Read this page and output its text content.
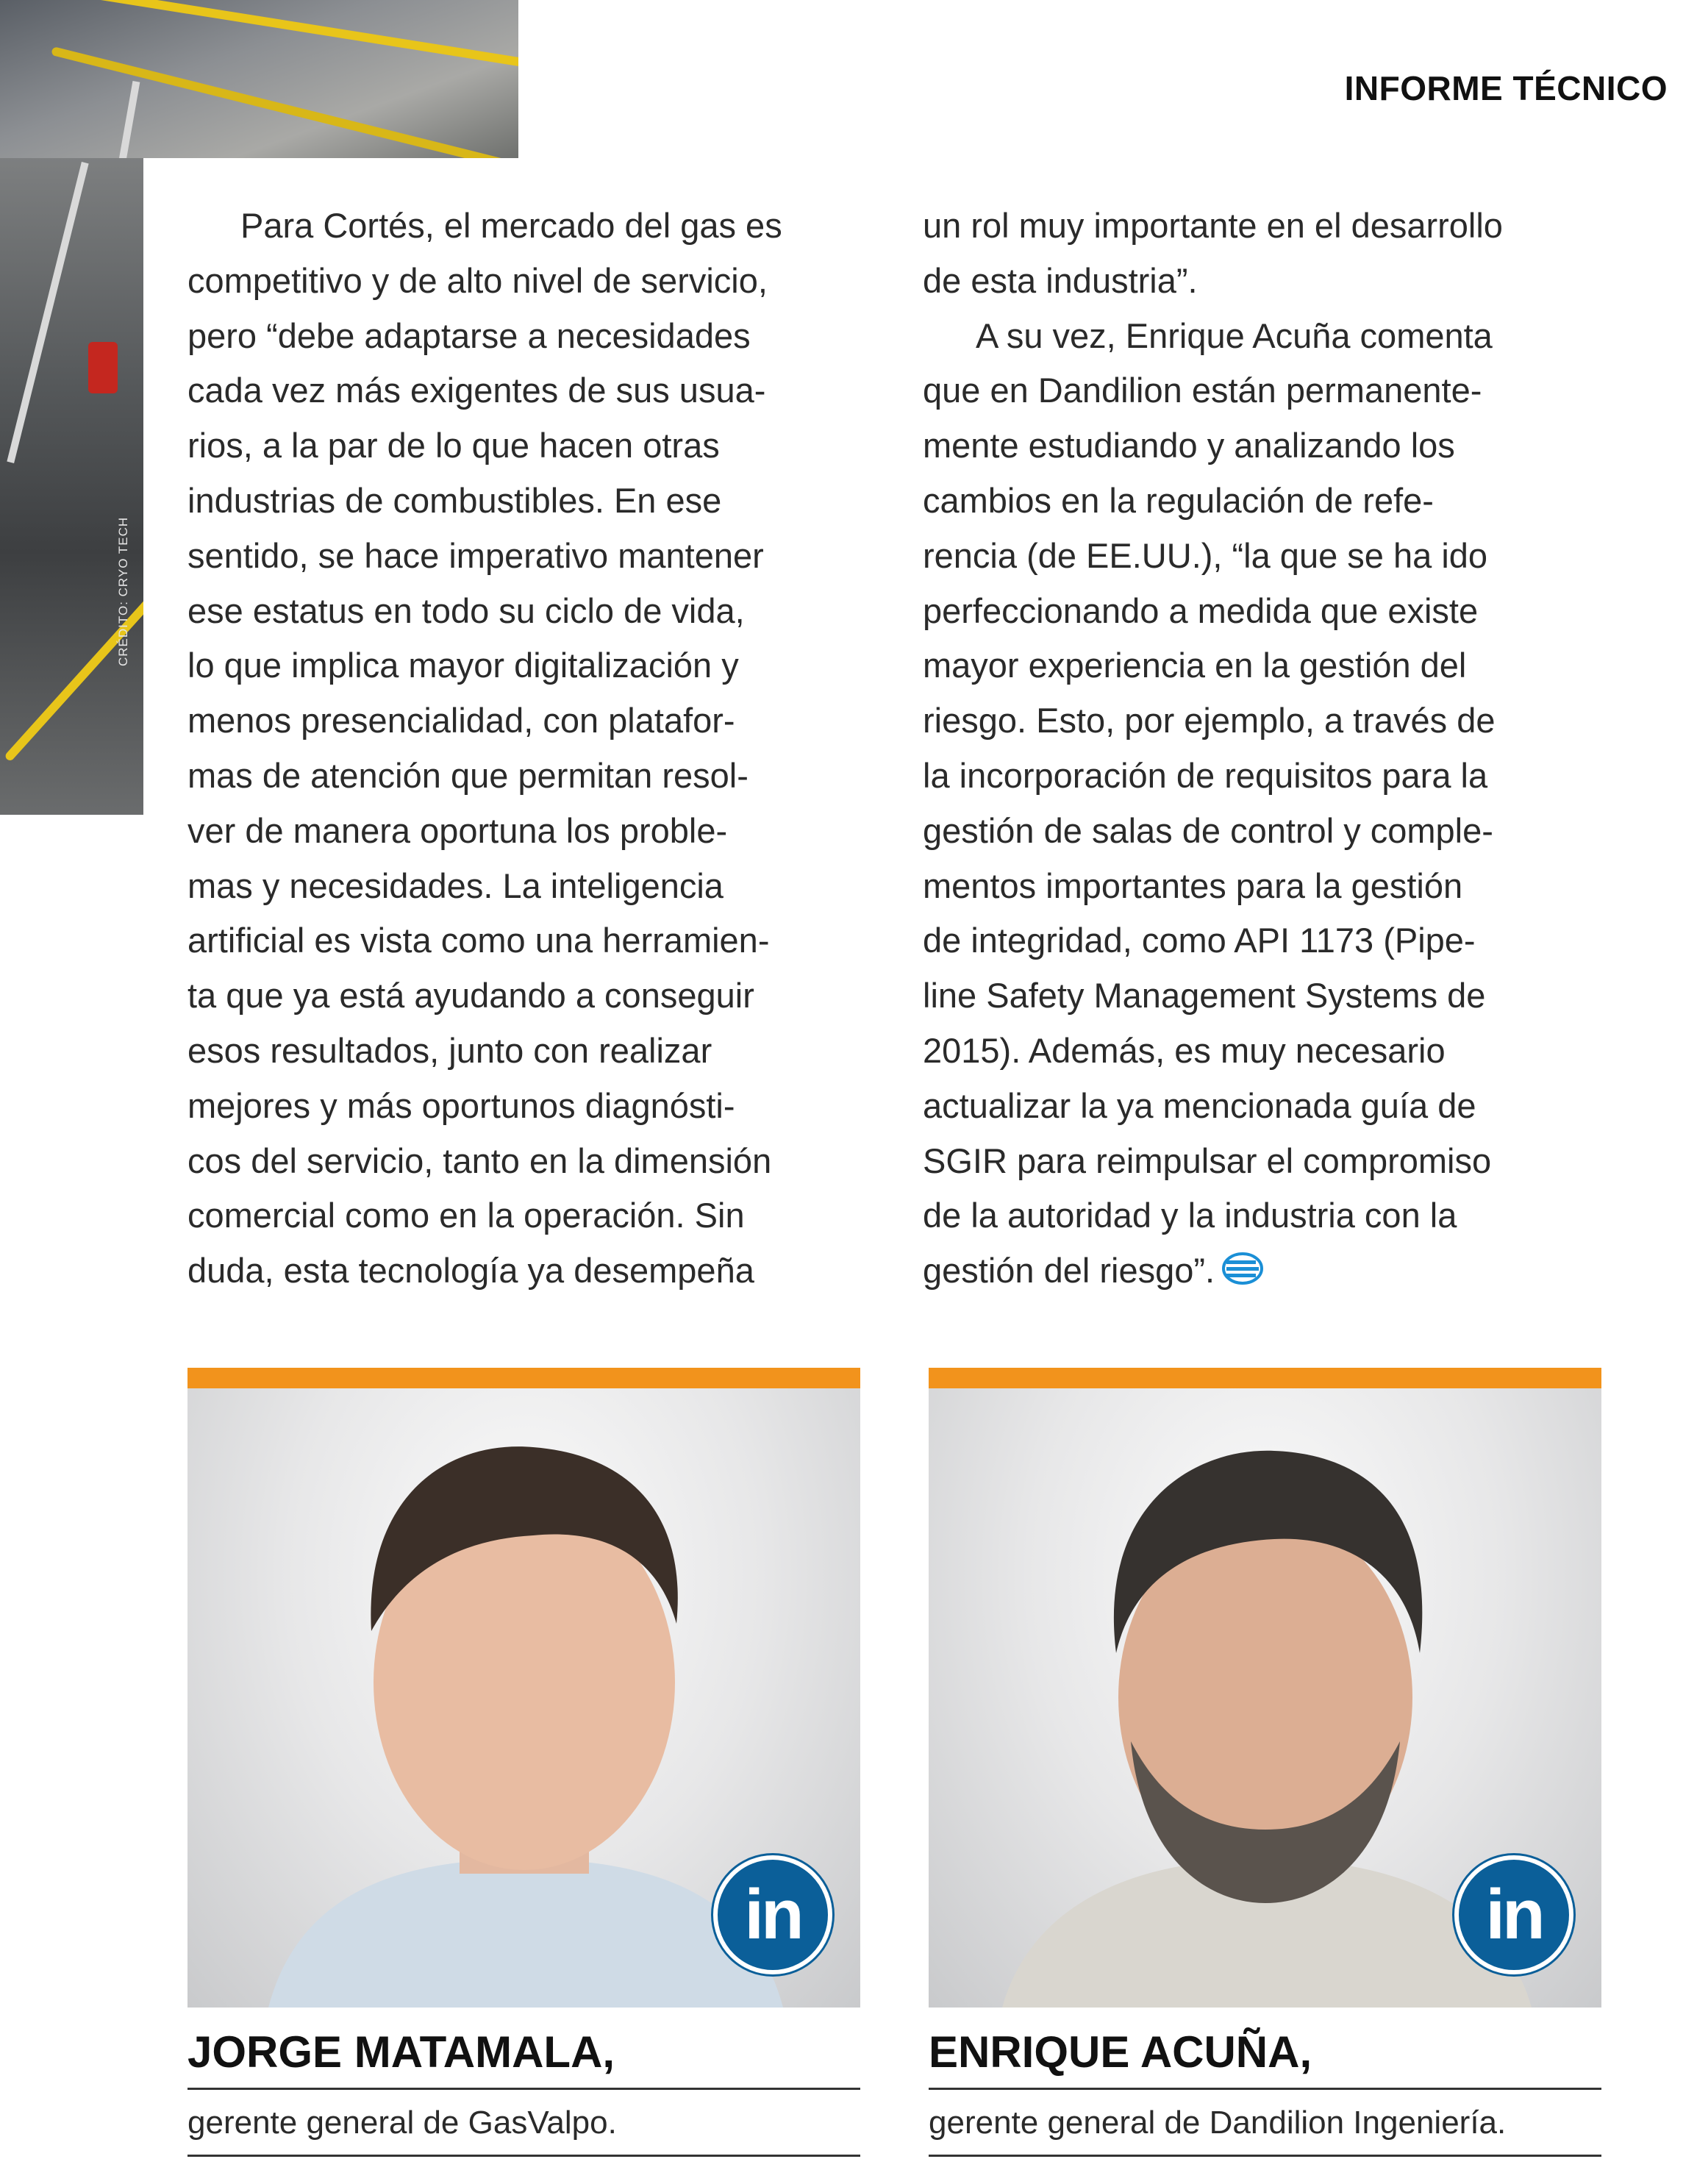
CRÉDITO: CRYO TECH
INFORME TÉCNICO
Para Cortés, el mercado del gas es
competitivo y de alto nivel de servicio,
pero “debe adaptarse a necesidades
cada vez más exigentes de sus usua-
rios, a la par de lo que hacen otras
industrias de combustibles. En ese
sentido, se hace imperativo mantener
ese estatus en todo su ciclo de vida,
lo que implica mayor digitalización y
menos presencialidad, con platafor-
mas de atención que permitan resol-
ver de manera oportuna los proble-
mas y necesidades. La inteligencia
artificial es vista como una herramien-
ta que ya está ayudando a conseguir
esos resultados, junto con realizar
mejores y más oportunos diagnósti-
cos del servicio, tanto en la dimensión
comercial como en la operación. Sin
duda, esta tecnología ya desempeña
un rol muy importante en el desarrollo
de esta industria”.
A su vez, Enrique Acuña comenta
que en Dandilion están permanente-
mente estudiando y analizando los
cambios en la regulación de refe-
rencia (de EE.UU.), “la que se ha ido
perfeccionando a medida que existe
mayor experiencia en la gestión del
riesgo. Esto, por ejemplo, a través de
la incorporación de requisitos para la
gestión de salas de control y comple-
mentos importantes para la gestión
de integridad, como API 1173 (Pipe-
line Safety Management Systems de
2015). Además, es muy necesario
actualizar la ya mencionada guía de
SGIR para reimpulsar el compromiso
de la autoridad y la industria con la
gestión del riesgo”.
in
JORGE MATAMALA,
gerente general de GasValpo.
in
ENRIQUE ACUÑA,
gerente general de Dandilion Ingeniería.
